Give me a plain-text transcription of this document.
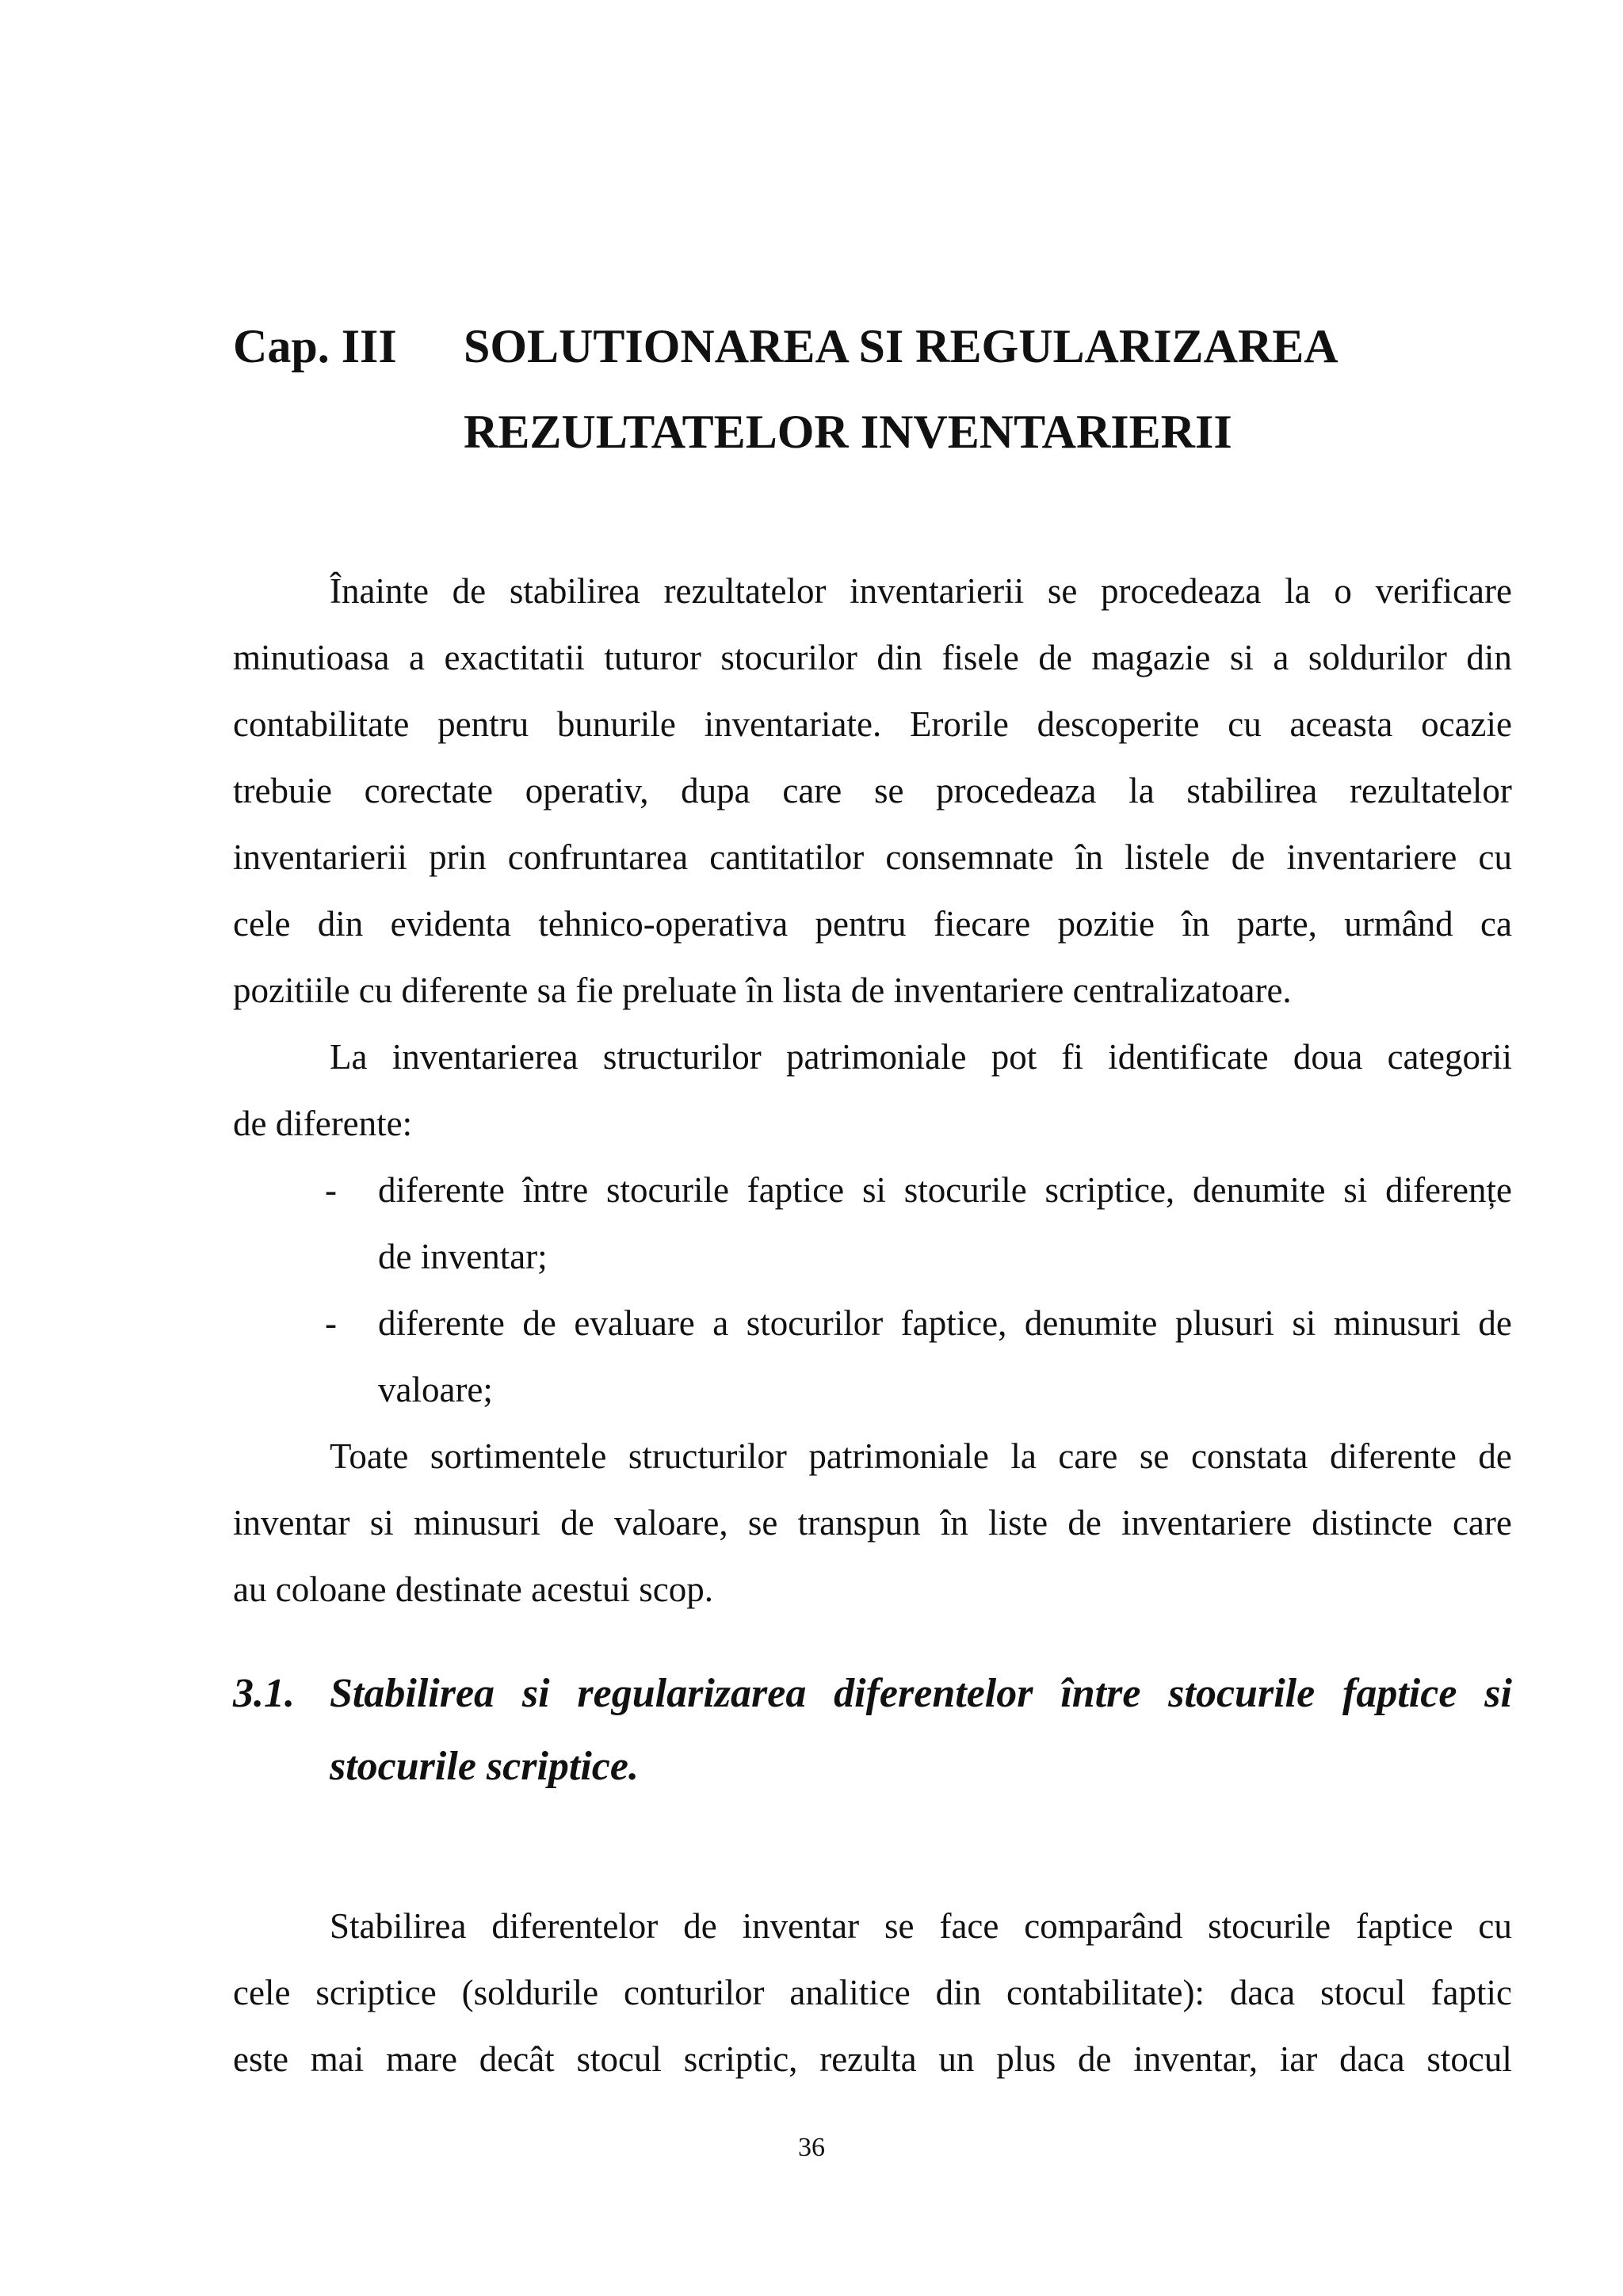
Cap. III SOLUTIONAREA SI REGULARIZAREA
REZULTATELOR INVENTARIERII
Înainte de stabilirea rezultatelor inventarierii se procedeaza la o verificare
minutioasa a exactitatii tuturor stocurilor din fisele de magazie si a soldurilor din
contabilitate pentru bunurile inventariate. Erorile descoperite cu aceasta ocazie
trebuie corectate operativ, dupa care se procedeaza la stabilirea rezultatelor
inventarierii prin confruntarea cantitatilor consemnate în listele de inventariere cu
cele din evidenta tehnico-operativa pentru fiecare pozitie în parte, urmând ca
pozitiile cu diferente sa fie preluate în lista de inventariere centralizatoare.
La inventarierea structurilor patrimoniale pot fi identificate doua categorii
de diferente:
- diferente între stocurile faptice si stocurile scriptice, denumite si diferențe
de inventar;
- diferente de evaluare a stocurilor faptice, denumite plusuri si minusuri de
valoare;
Toate sortimentele structurilor patrimoniale la care se constata diferente de
inventar si minusuri de valoare, se transpun în liste de inventariere distincte care
au coloane destinate acestui scop.
3.1. Stabilirea si regularizarea diferentelor între stocurile faptice si
stocurile scriptice.
Stabilirea diferentelor de inventar se face comparând stocurile faptice cu
cele scriptice (soldurile conturilor analitice din contabilitate): daca stocul faptic
este mai mare decât stocul scriptic, rezulta un plus de inventar, iar daca stocul
36
